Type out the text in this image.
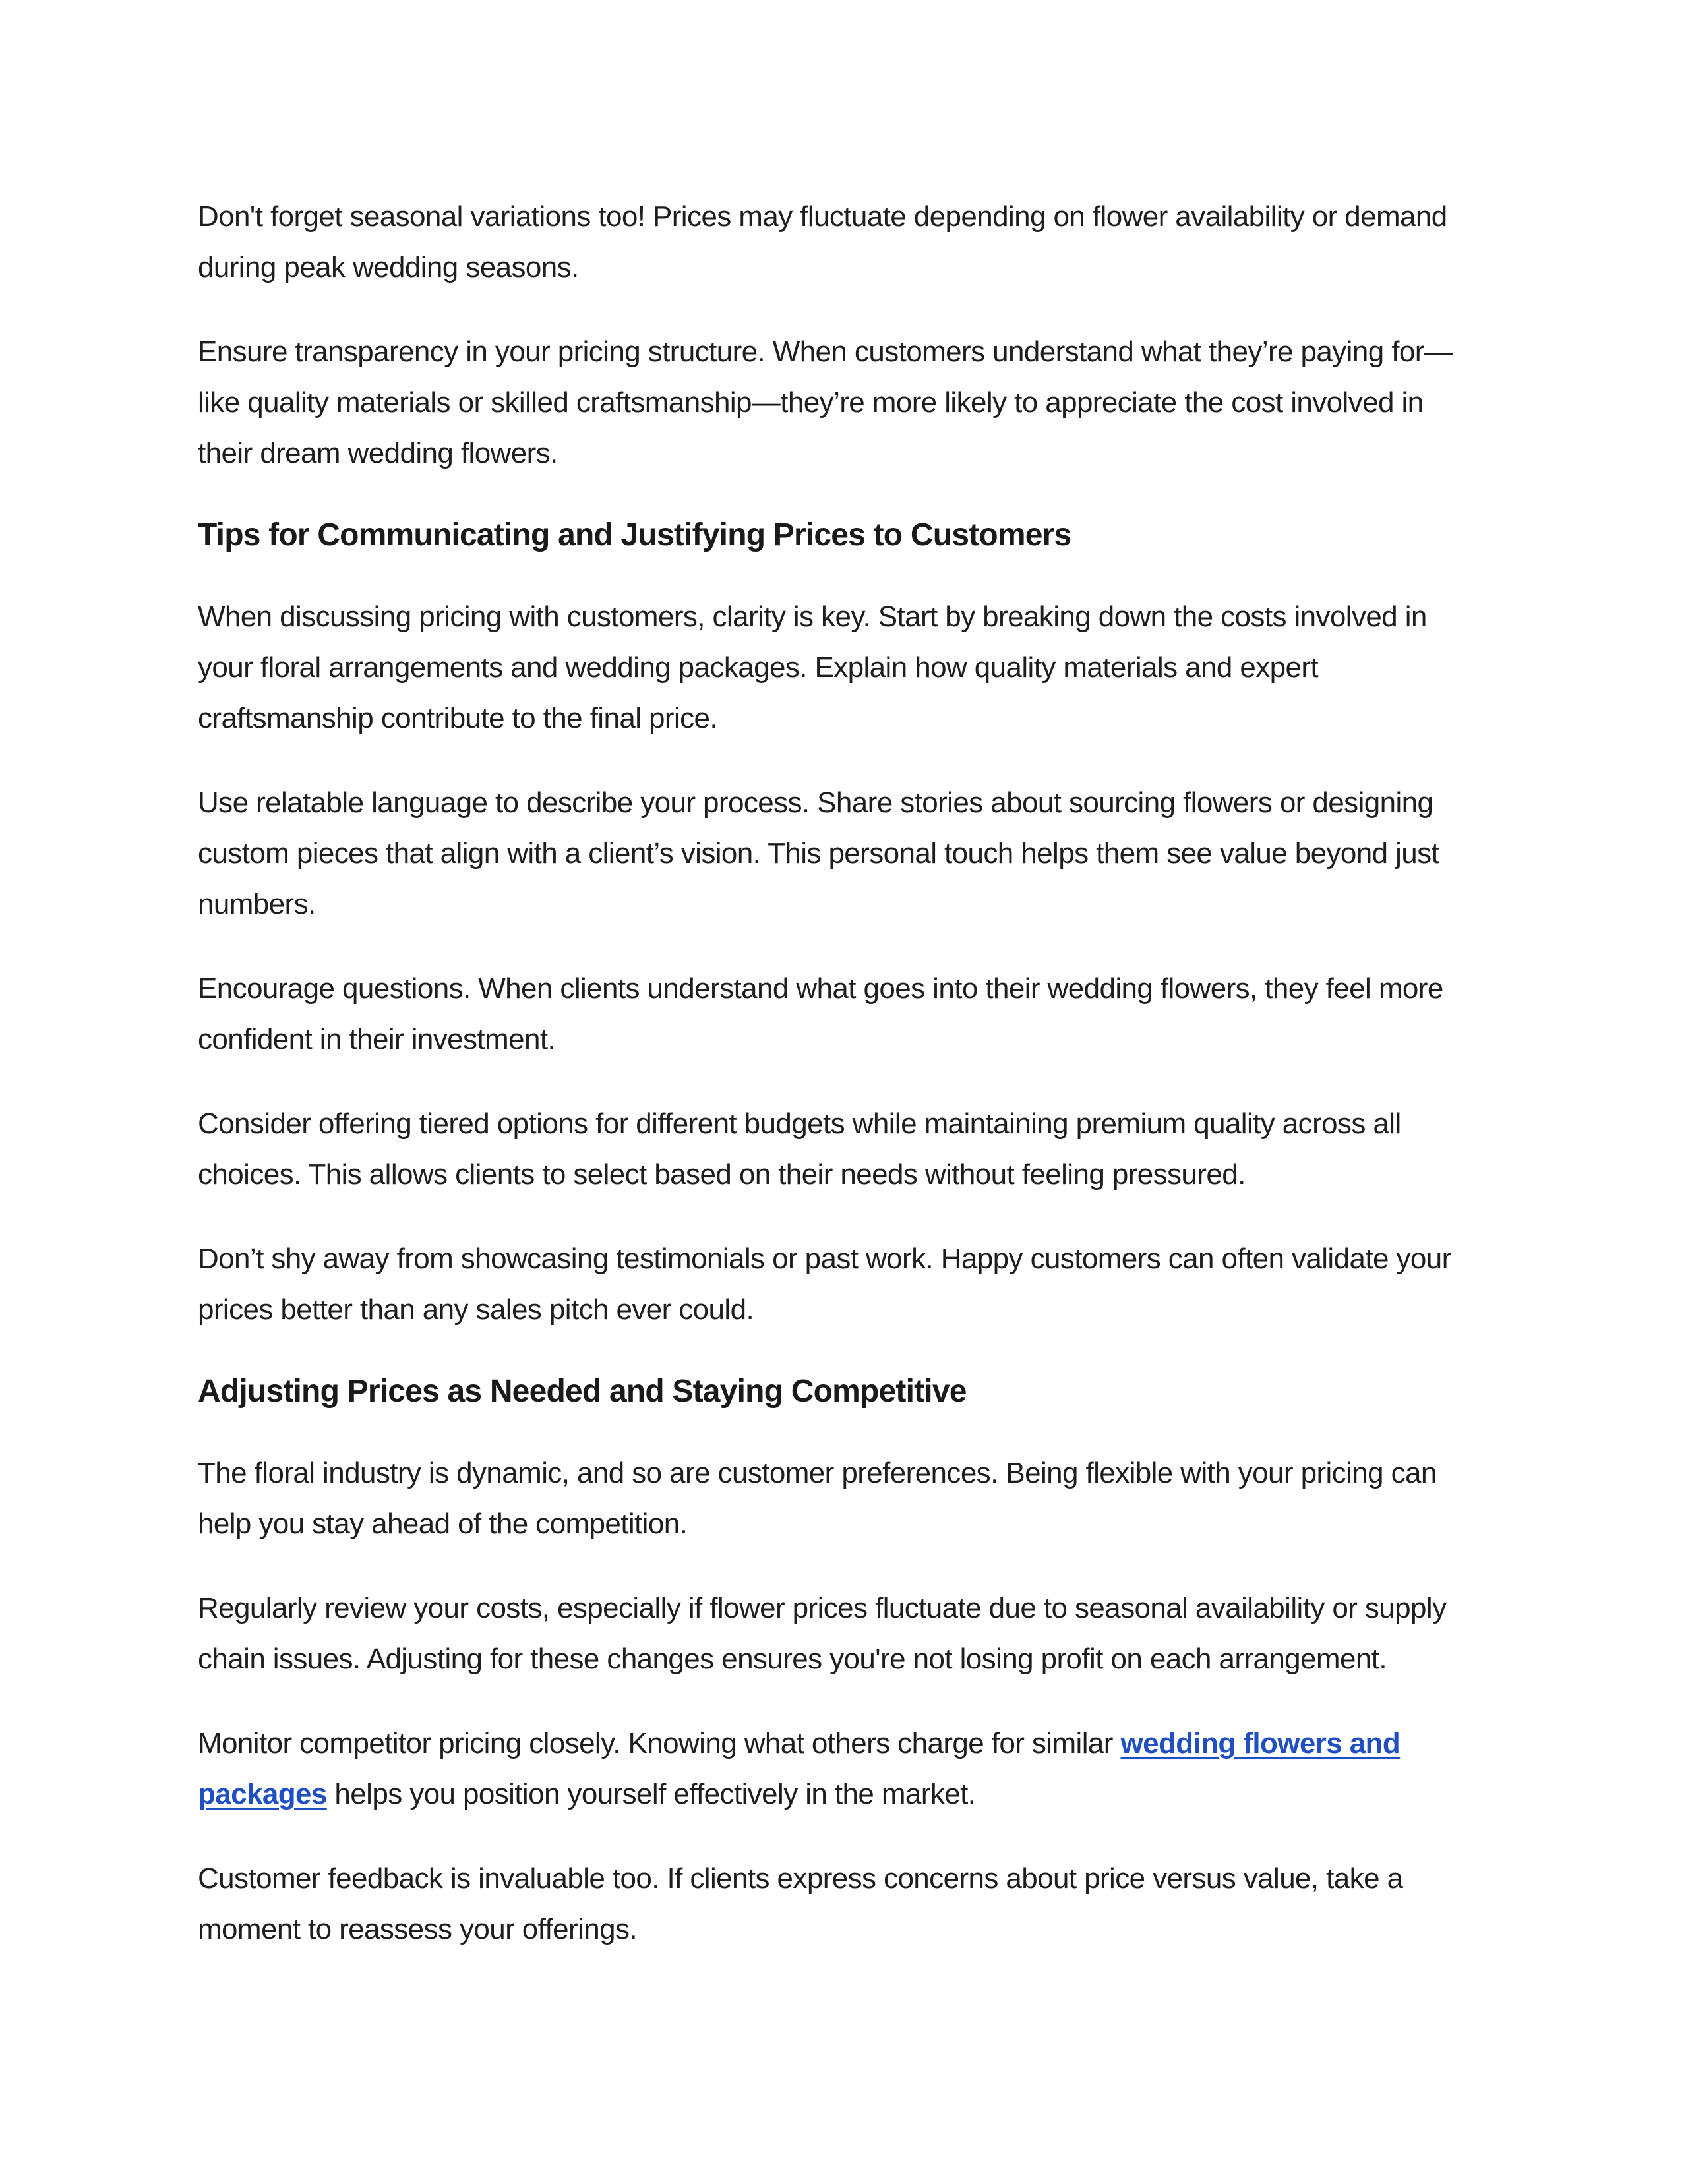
Don't forget seasonal variations too! Prices may fluctuate depending on flower availability or demand during peak wedding seasons.

Ensure transparency in your pricing structure. When customers understand what they’re paying for—like quality materials or skilled craftsmanship—they’re more likely to appreciate the cost involved in their dream wedding flowers.

Tips for Communicating and Justifying Prices to Customers

When discussing pricing with customers, clarity is key. Start by breaking down the costs involved in your floral arrangements and wedding packages. Explain how quality materials and expert craftsmanship contribute to the final price.

Use relatable language to describe your process. Share stories about sourcing flowers or designing custom pieces that align with a client’s vision. This personal touch helps them see value beyond just numbers.

Encourage questions. When clients understand what goes into their wedding flowers, they feel more confident in their investment.

Consider offering tiered options for different budgets while maintaining premium quality across all choices. This allows clients to select based on their needs without feeling pressured.

Don’t shy away from showcasing testimonials or past work. Happy customers can often validate your prices better than any sales pitch ever could.

Adjusting Prices as Needed and Staying Competitive

The floral industry is dynamic, and so are customer preferences. Being flexible with your pricing can help you stay ahead of the competition.

Regularly review your costs, especially if flower prices fluctuate due to seasonal availability or supply chain issues. Adjusting for these changes ensures you're not losing profit on each arrangement.

Monitor competitor pricing closely. Knowing what others charge for similar wedding flowers and packages helps you position yourself effectively in the market.

Customer feedback is invaluable too. If clients express concerns about price versus value, take a moment to reassess your offerings.
